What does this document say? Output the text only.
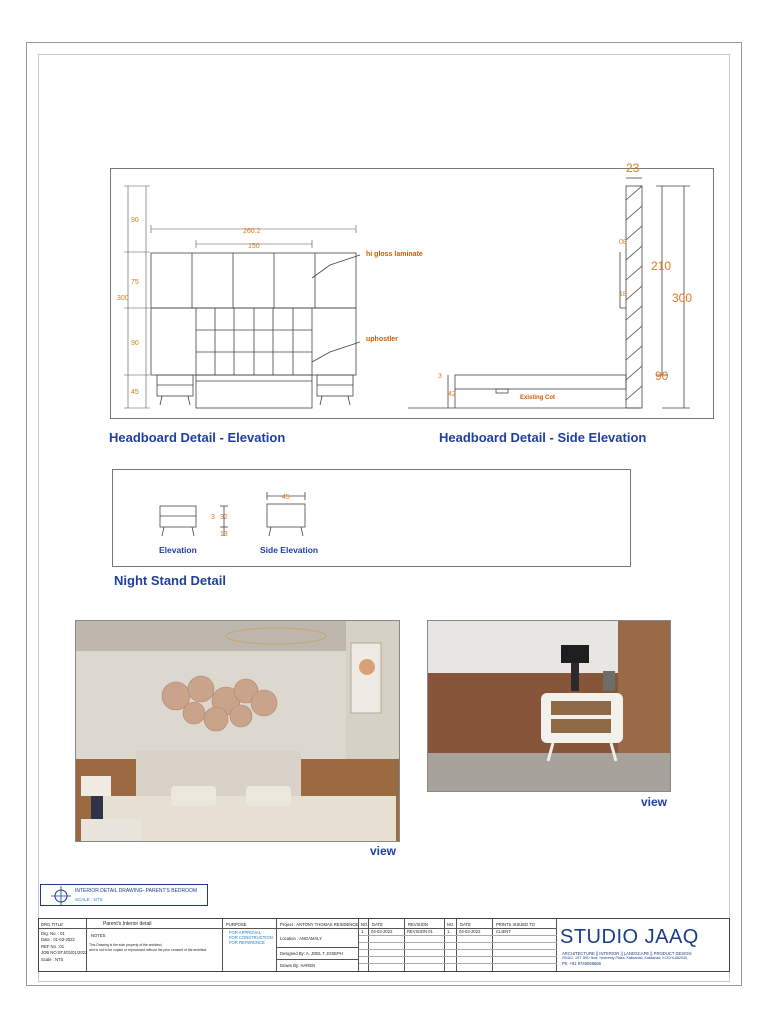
90
75
300
90
45
260.2
150
hi gloss laminate
uphostler
23
210
300
90
08
18
3
42	Existing Cot
3 32
13
45
Headboard Detail - Elevation	Headboard Detail - Side Elevation
Elevation	Side Elevation
Night Stand Detail
view
view
INTERIOR DETAIL DRAWING- PARENT'S BEDROOM
SCALE : NTS
DRG.TITLE	Parent's Interior detail
Drg. No. : 01
Date : 01-03-2022
REF No. :01
JOB NO:STJ/01/01/2022
Scale : NTS
NOTES
This Drawing is the sole property of the architect,
and is not to be copied or reproduced without the prior consent of the architect.
PURPOSE
FOR APPROVAL
FOR CONSTRUCTION
FOR REFERENCE
Project : ANTONY THOMAS RESIDENCE
Location : ANGAMALY
Designed By: A. JOEL T JOSEPH
Drawn By: HAREN
NO. DATE	REVISION
1. 04-03-2022	REVISION 01
NO. DATE	PRINTS ISSUED TO
1. 04-03-2022	CLIENT STUDIO JAAQ
ARCHITECTURE || INTERIOR || LANDSCAPE || PRODUCT DESIGN
29/401, 1ST 3RD floor, Heavenly Plaza, Kakkanad, Kakkanad, KOCHI-682030,
Ph: +91 9745066666
